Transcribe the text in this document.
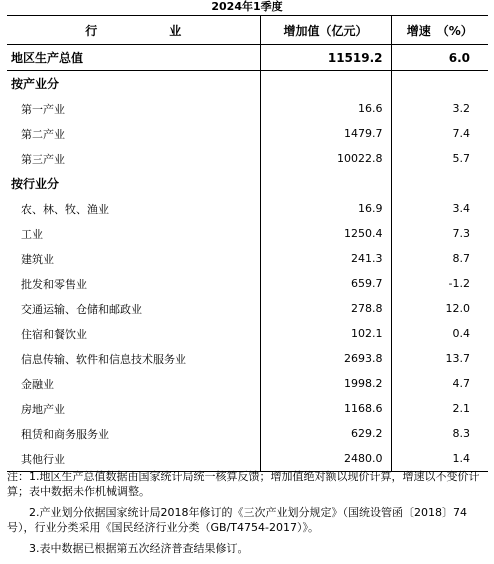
2024年1季度
行　业	增加值（亿元）	增速　（%）
地区生产总值	11519.2	6.0
按产业分		
第一产业	16.6	3.2
第二产业	1479.7	7.4
第三产业	10022.8	5.7
按行业分		
农、林、牧、渔业	16.9	3.4
工业	1250.4	7.3
建筑业	241.3	8.7
批发和零售业	659.7	-1.2
交通运输、仓储和邮政业	278.8	12.0
住宿和餐饮业	102.1	0.4
信息传输、软件和信息技术服务业	2693.8	13.7
金融业	1998.2	4.7
房地产业	1168.6	2.1
租赁和商务服务业	629.2	8.3
其他行业	2480.0	1.4

注：1.地区生产总值数据由国家统计局统一核算反馈；增加值绝对额以现价计算，增速以不变价计算；表中数据未作机械调整。

2.产业划分依据国家统计局2018年修订的《三次产业划分规定》（国统设管函〔2018〕74号），行业分类采用《国民经济行业分类（GB/T4754-2017）》。

3.表中数据已根据第五次经济普查结果修订。
